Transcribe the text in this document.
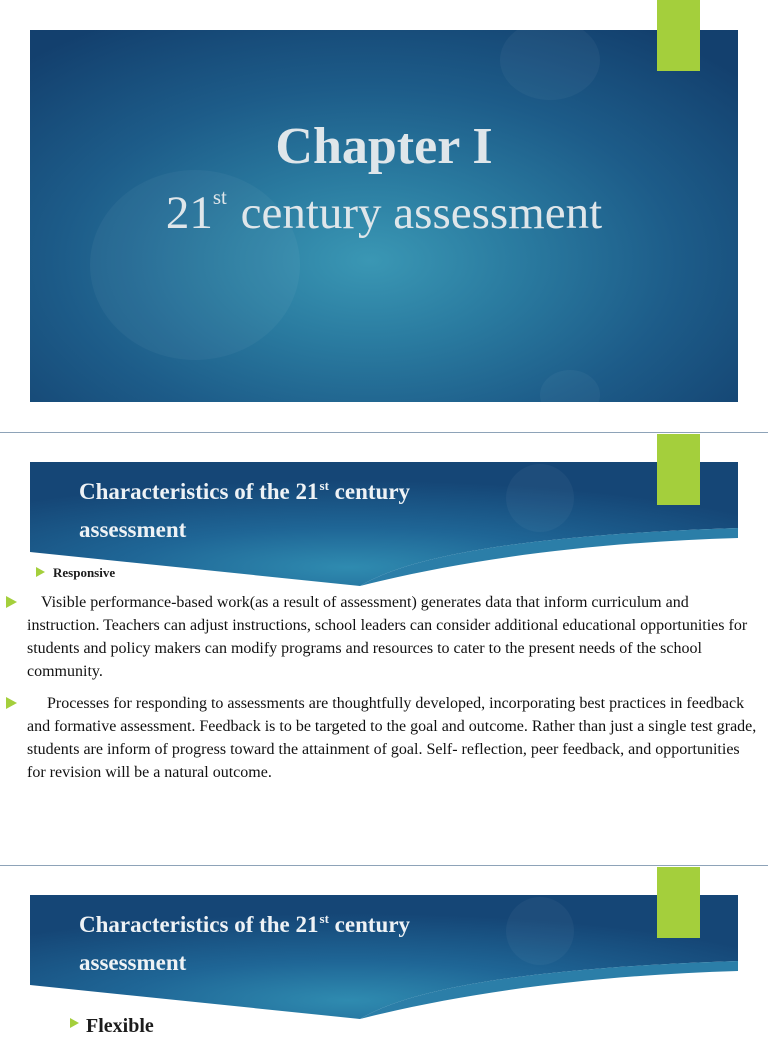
Chapter I
21st century assessment
Characteristics of the 21st century
assessment
Responsive
Visible performance-based work(as a result of assessment) generates data that inform curriculum and instruction. Teachers can adjust instructions, school leaders can consider additional educational opportunities for students and policy makers can modify programs and resources to cater to the present needs of the school community.
Processes for responding to assessments are thoughtfully developed, incorporating best practices in feedback and formative assessment. Feedback is to be targeted to the goal and outcome. Rather than just a single test grade, students are inform of progress toward the attainment of goal. Self- reflection, peer feedback, and opportunities for revision will be a natural outcome.
Characteristics of the 21st century
assessment
Flexible
